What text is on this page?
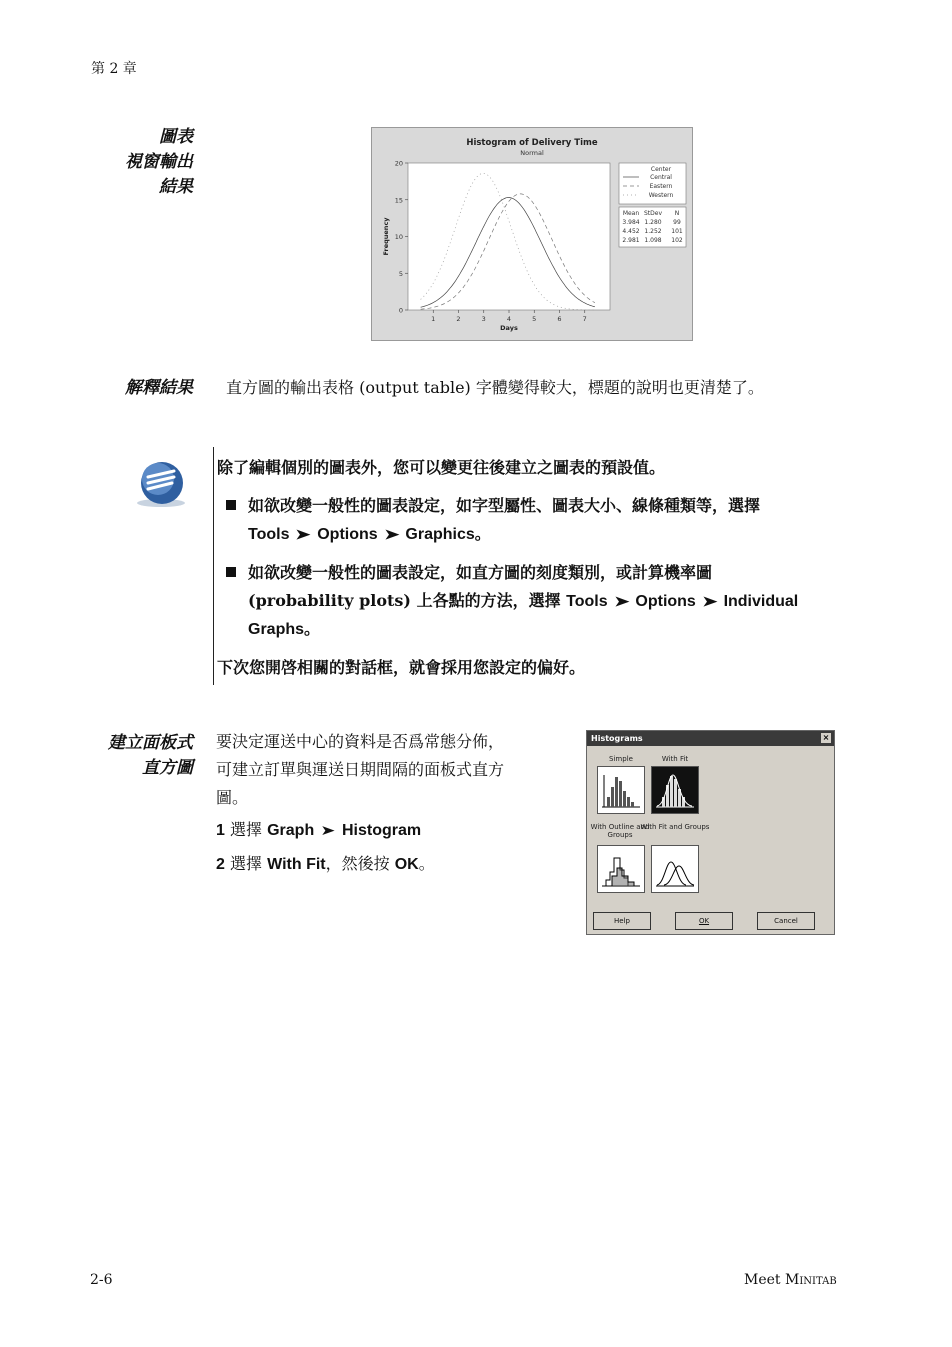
第 2 章
圖表
視窗輸出
結果
Histogram of Delivery Time
Normal
1	2	3	4	5	6	7
0
5
10
15
20
Days
Frequency
Center
Central
Eastern
Western
Mean StDev N
3.984 1.280 99
4.452 1.252 101
2.981 1.098 102
解釋結果 直方圖的輸出表格 (output table) 字體變得較大，標題的說明也更清楚了。
除了編輯個別的圖表外，您可以變更往後建立之圖表的預設值。
如欲改變一般性的圖表設定，如字型屬性、圖表大小、線條種類等，選擇
Tools ➤ Options ➤ Graphics。
如欲改變一般性的圖表設定，如直方圖的刻度類別，或計算機率圖
(probability plots) 上各點的方法，選擇 Tools ➤ Options ➤ Individual
Graphs。
下次您開啓相關的對話框，就會採用您設定的偏好。
建立面板式
直方圖
要決定運送中心的資料是否爲常態分佈，
可建立訂單與運送日期間隔的面板式直方
圖。
1 選擇 Graph ➤ Histogram
2 選擇 With Fit，然後按 OK。
Histograms	×
Simple	With Fit
With Outline and Groups
With Fit and Groups
Help	OK	Cancel
2-6	Meet Minitab
